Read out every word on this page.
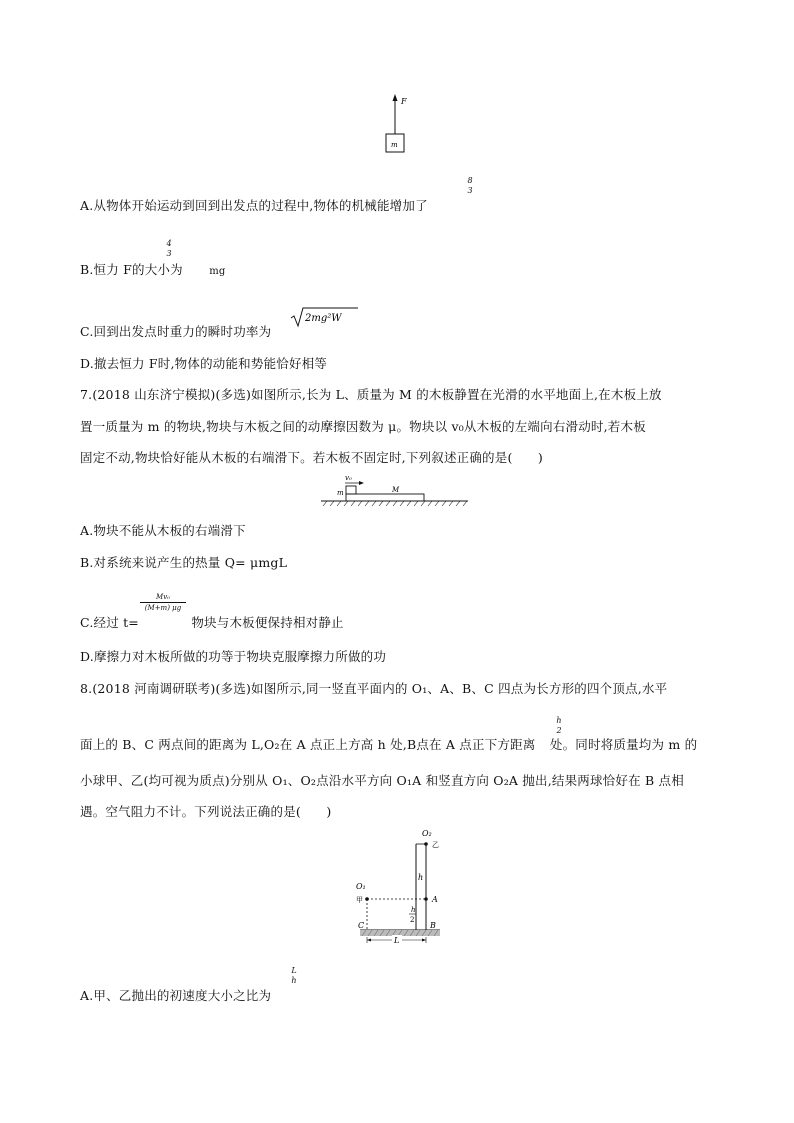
F
m
A.从物体开始运动到回到出发点的过程中,物体的机械能增加了
8
3
B.恒力 F的大小为	mg
4
3
C.回到出发点时重力的瞬时功率为
2mg²W
D.撤去恒力 F时,物体的动能和势能恰好相等
7.(2018 山东济宁模拟)(多选)如图所示,长为 L、质量为 M 的木板静置在光滑的水平地面上,在木板上放
置一质量为 m 的物块,物块与木板之间的动摩擦因数为 μ。物块以 v₀从木板的左端向右滑动时,若木板
固定不动,物块恰好能从木板的右端滑下。若木板不固定时,下列叙述正确的是(　　)
v₀
m	M
A.物块不能从木板的右端滑下
B.对系统来说产生的热量 Q= μmgL
C.经过 t=	物块与木板便保持相对静止
Mv₀
(M+m) μg
D.摩擦力对木板所做的功等于物块克服摩擦力所做的功
8.(2018 河南调研联考)(多选)如图所示,同一竖直平面内的 O₁、A、B、C 四点为长方形的四个顶点,水平
面上的 B、C 两点间的距离为 L,O₂在 A 点正上方高 h 处,B点在 A 点正下方距离 处。同时将质量均为 m 的
h
2
小球甲、乙(均可视为质点)分别从 O₁、O₂点沿水平方向 O₁A 和竖直方向 O₂A 抛出,结果两球恰好在 B 点相
遇。空气阻力不计。下列说法正确的是(　　)
O₂
乙
h
O₁
甲	A
h
2
C	B
L
A.甲、乙抛出的初速度大小之比为
L
h
